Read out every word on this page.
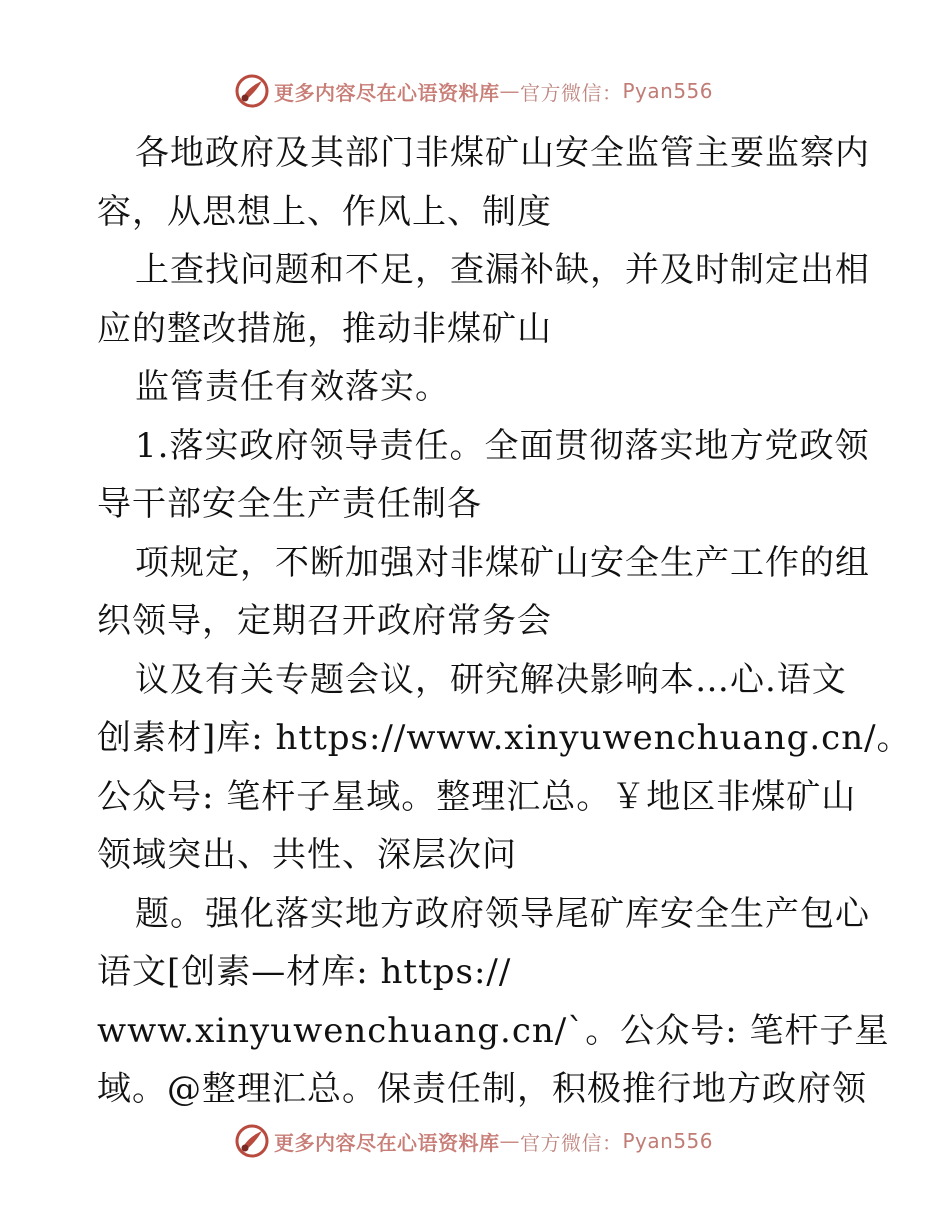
更多内容尽在心语资料库 — 官方微信： Pyan556
各地政府及其部门非煤矿山安全监管主要监察内
容，从思想上、作风上、制度
上查找问题和不足，查漏补缺，并及时制定出相
应的整改措施，推动非煤矿山
监管责任有效落实。
1.落实政府领导责任。全面贯彻落实地方党政领
导干部安全生产责任制各
项规定，不断加强对非煤矿山安全生产工作的组
织领导，定期召开政府常务会
议及有关专题会议，研究解决影响本…心.语文
创素材]库: https://www.xinyuwenchuang.cn/。
公众号: 笔杆子星域。整理汇总。￥地区非煤矿山
领域突出、共性、深层次问
题。强化落实地方政府领导尾矿库安全生产包心
语文[创素—材库: https://
www.xinyuwenchuang.cn/`。公众号: 笔杆子星
域。@整理汇总。保责任制，积极推行地方政府领
更多内容尽在心语资料库 — 官方微信： Pyan556
